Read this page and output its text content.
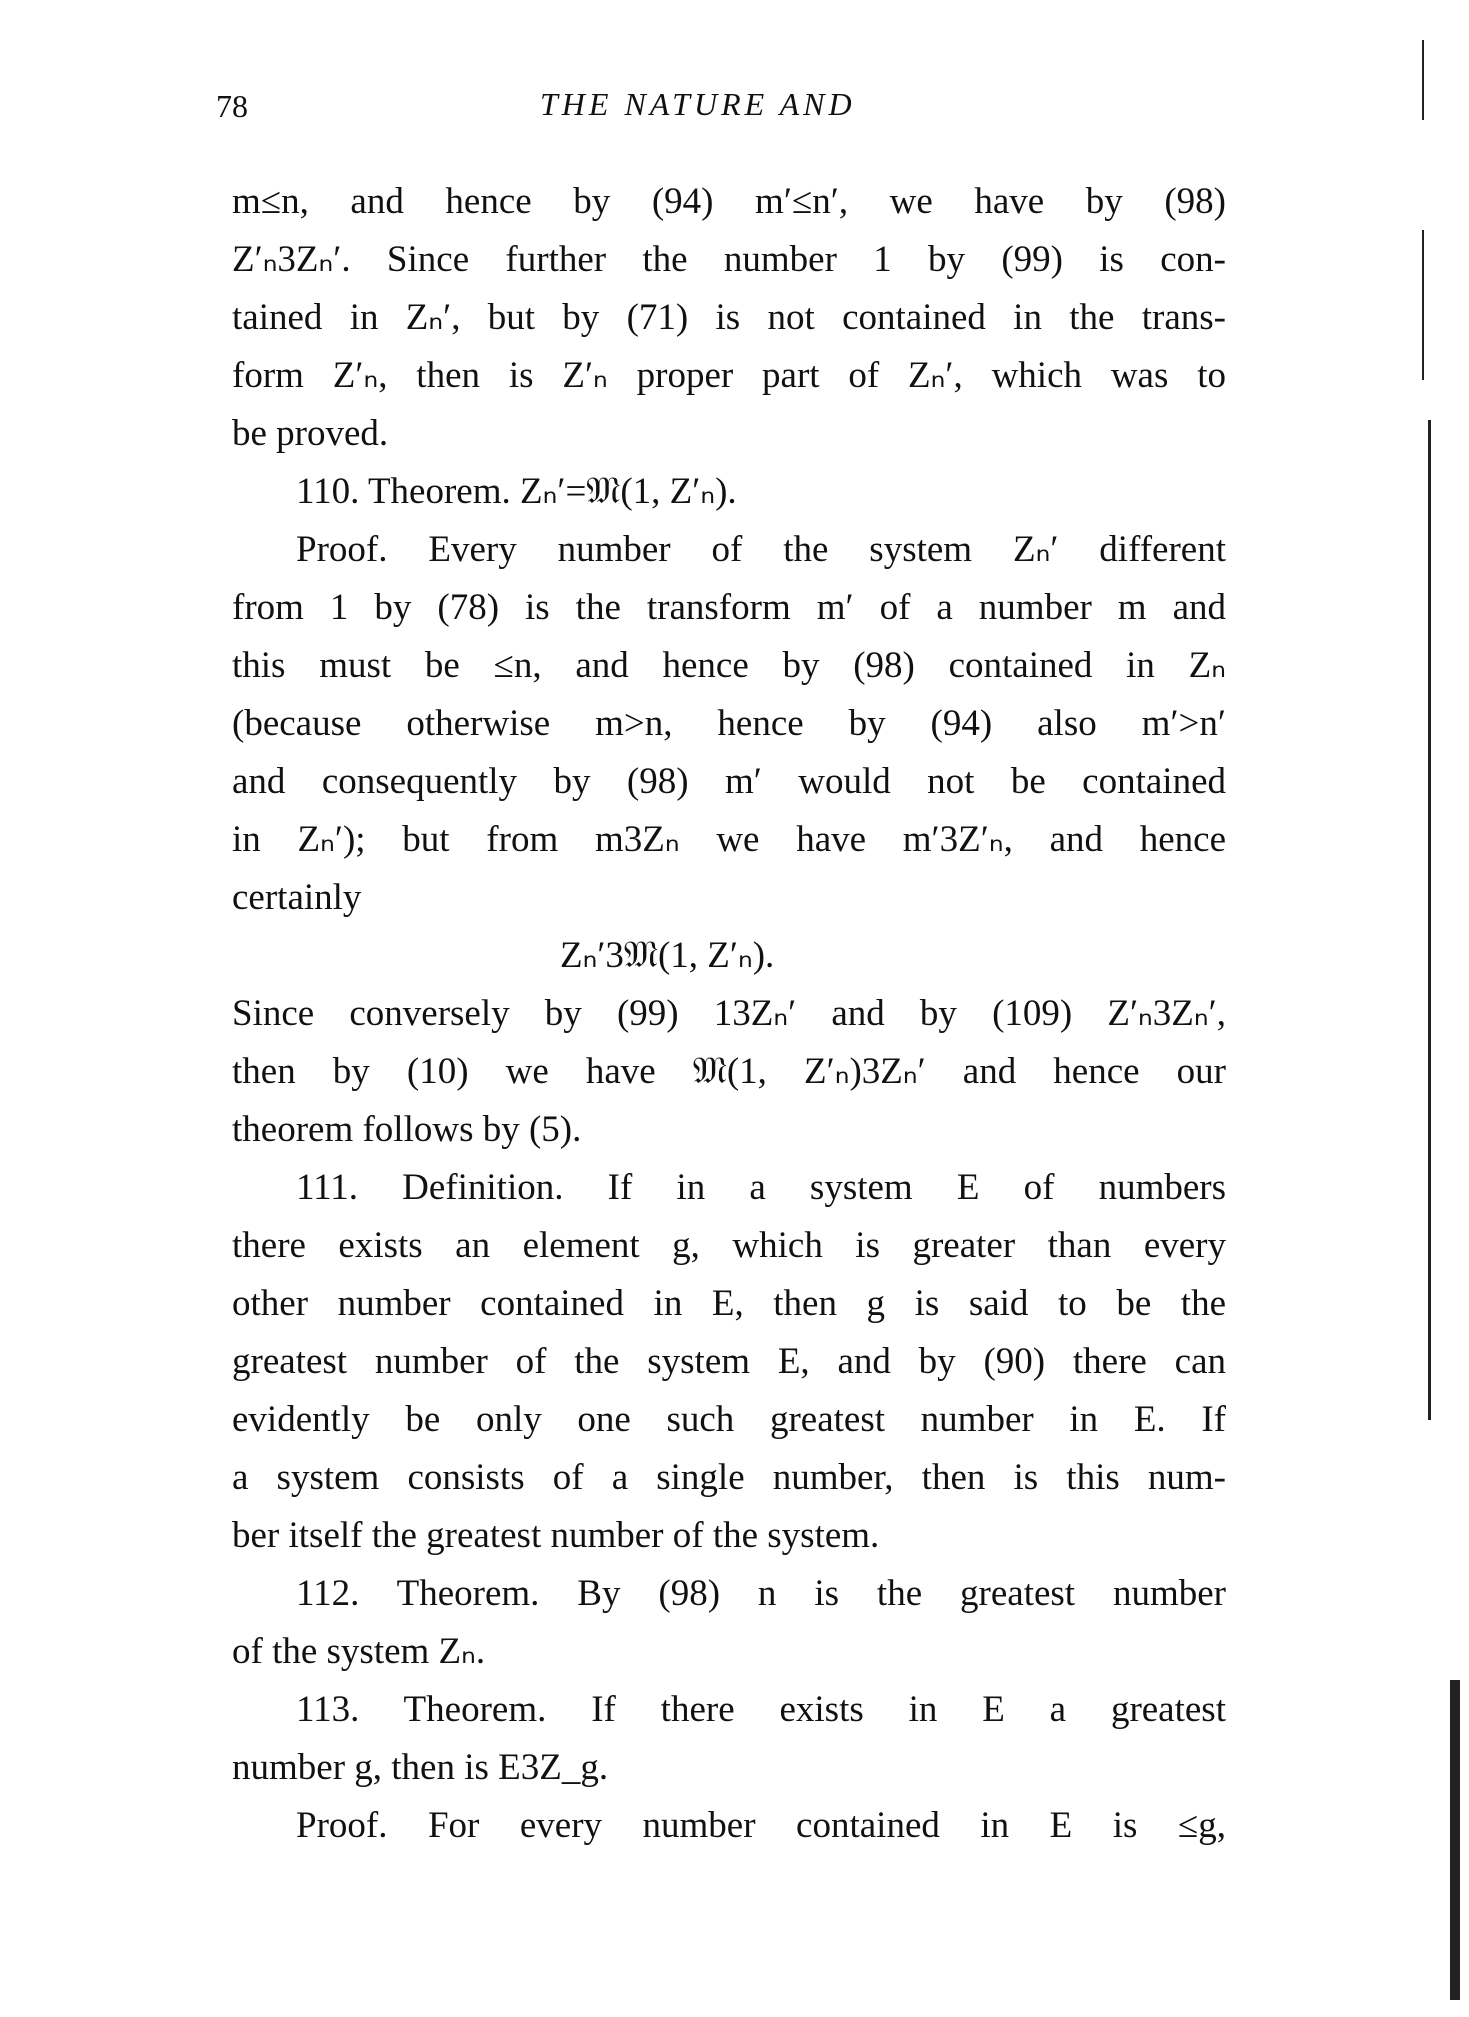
78	THE NATURE AND
m≤n, and hence by (94) m′≤n′, we have by (98)
Z′ₙ3Zₙ′. Since further the number 1 by (99) is con-
tained in Zₙ′, but by (71) is not contained in the trans-
form Z′ₙ, then is Z′ₙ proper part of Zₙ′, which was to
be proved.
110. Theorem. Zₙ′=𝔐(1, Z′ₙ).
Proof. Every number of the system Zₙ′ different
from 1 by (78) is the transform m′ of a number m and
this must be ≤n, and hence by (98) contained in Zₙ
(because otherwise m>n, hence by (94) also m′>n′
and consequently by (98) m′ would not be contained
in Zₙ′); but from m3Zₙ we have m′3Z′ₙ, and hence
certainly
Zₙ′3𝔐(1, Z′ₙ).
Since conversely by (99) 13Zₙ′ and by (109) Z′ₙ3Zₙ′,
then by (10) we have 𝔐(1, Z′ₙ)3Zₙ′ and hence our
theorem follows by (5).
111. Definition. If in a system E of numbers
there exists an element g, which is greater than every
other number contained in E, then g is said to be the
greatest number of the system E, and by (90) there can
evidently be only one such greatest number in E. If
a system consists of a single number, then is this num-
ber itself the greatest number of the system.
112. Theorem. By (98) n is the greatest number
of the system Zₙ.
113. Theorem. If there exists in E a greatest
number g, then is E3Z_g.
Proof. For every number contained in E is ≤g,
